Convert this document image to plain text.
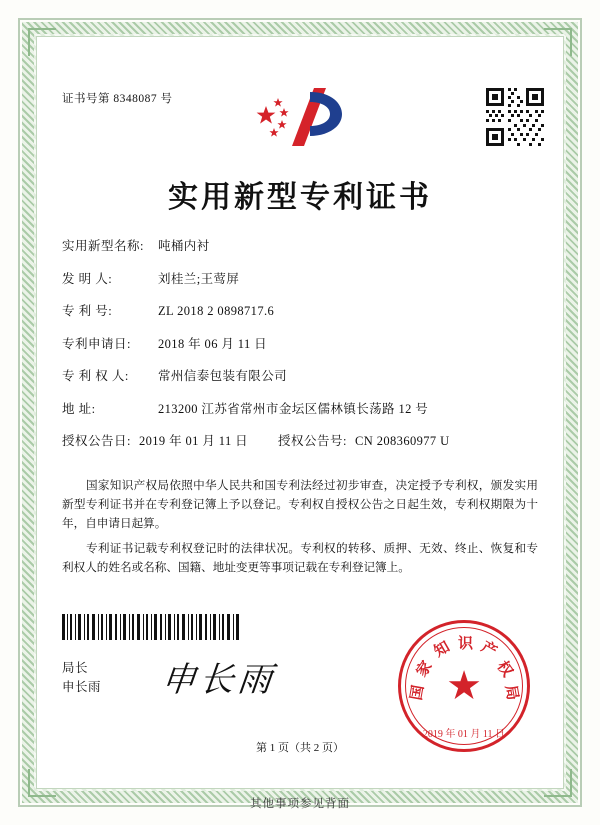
证书号第 8348087 号
实用新型专利证书
实用新型名称:	吨桶内衬
发 明 人:	刘桂兰;王莺屏
专 利 号:	ZL 2018 2 0898717.6
专利申请日:	2018 年 06 月 11 日
专 利 权 人:	常州信泰包装有限公司
地 址:	213200 江苏省常州市金坛区儒林镇长荡路 12 号
授权公告日: 2019 年 01 月 11 日 授权公告号: CN 208360977 U

国家知识产权局依照中华人民共和国专利法经过初步审查，决定授予专利权，颁发实用新型专利证书并在专利登记簿上予以登记。专利权自授权公告之日起生效，专利权期限为十年，自申请日起算。

专利证书记载专利权登记时的法律状况。专利权的转移、质押、无效、终止、恢复和专利权人的姓名或名称、国籍、地址变更等事项记载在专利登记簿上。

局长
申长雨 申长雨	★
识
知
家
国
产
权
局
2019 年 01 月 11 日
第 1 页（共 2 页）
其他事项参见背面
